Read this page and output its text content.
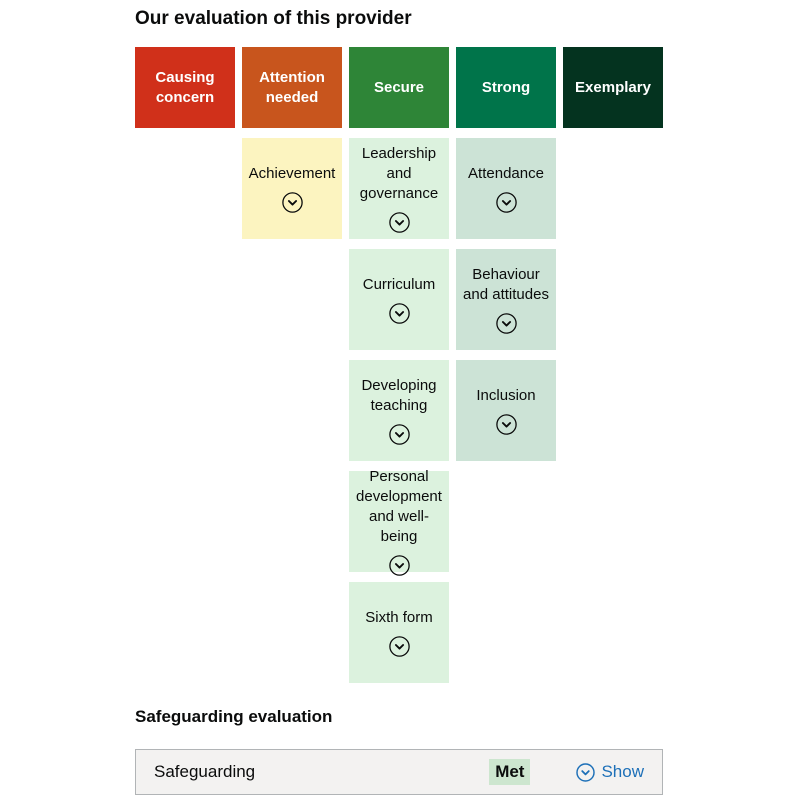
Our evaluation of this provider
Causing concern
Attention needed
Secure	Strong	Exemplary
Achievement
Leadership and governance
Attendance
Curriculum
Behaviour and attitudes
Developing teaching
Inclusion
Personal development and well-being
Sixth form
Safeguarding evaluation
Safeguarding	Met	Show
